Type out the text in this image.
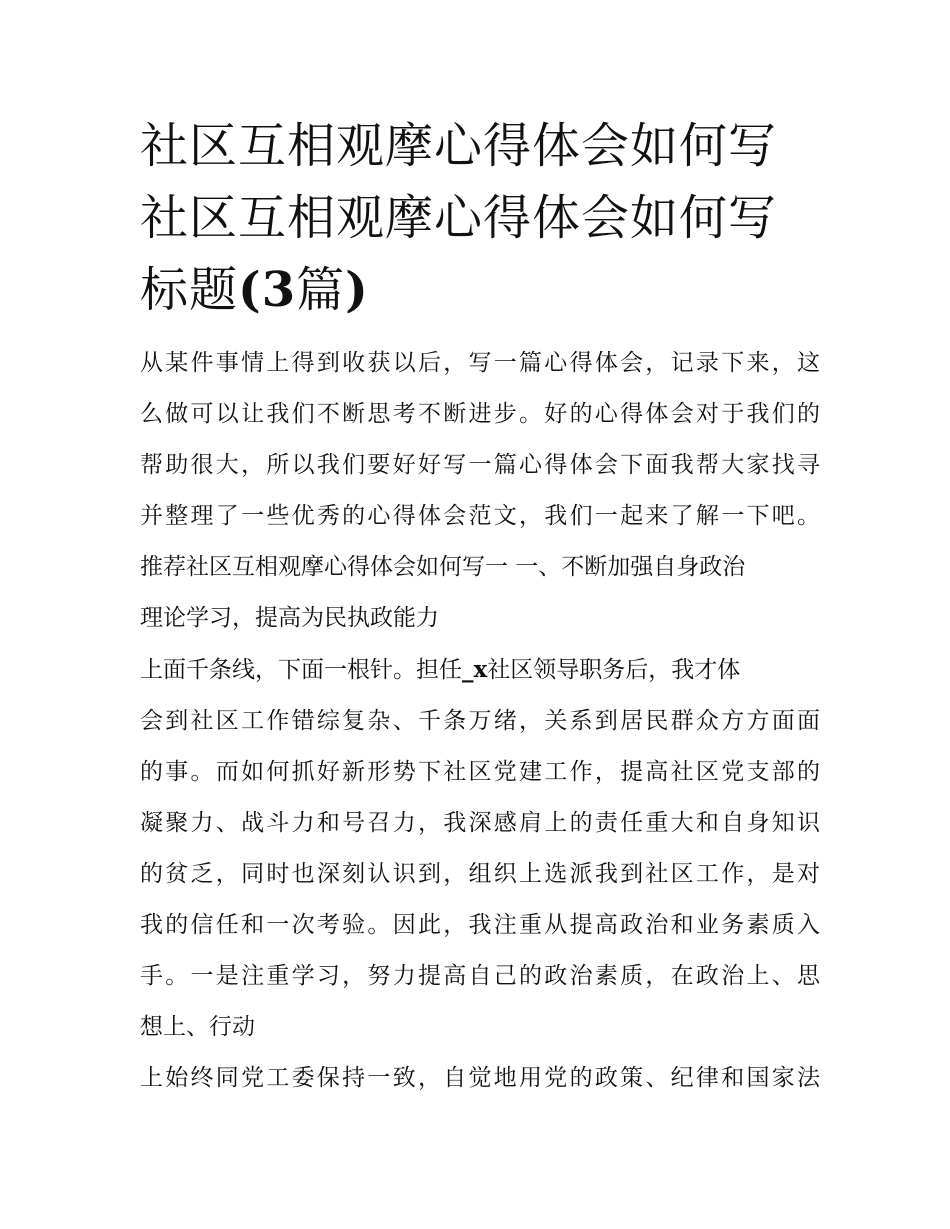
社区互相观摩心得体会如何写
社区互相观摩心得体会如何写
标题(3篇)

从某件事情上得到收获以后，写一篇心得体会，记录下来，这
么做可以让我们不断思考不断进步。好的心得体会对于我们的
帮助很大，所以我们要好好写一篇心得体会下面我帮大家找寻
并整理了一些优秀的心得体会范文，我们一起来了解一下吧。
推荐社区互相观摩心得体会如何写一 一、不断加强自身政治
理论学习，提高为民执政能力

上面千条线，下面一根针。担任_x社区领导职务后，我才体
会到社区工作错综复杂、千条万绪，关系到居民群众方方面面
的事。而如何抓好新形势下社区党建工作，提高社区党支部的
凝聚力、战斗力和号召力，我深感肩上的责任重大和自身知识
的贫乏，同时也深刻认识到，组织上选派我到社区工作，是对
我的信任和一次考验。因此，我注重从提高政治和业务素质入
手。一是注重学习，努力提高自己的政治素质，在政治上、思
想上、行动

上始终同党工委保持一致，自觉地用党的政策、纪律和国家法
